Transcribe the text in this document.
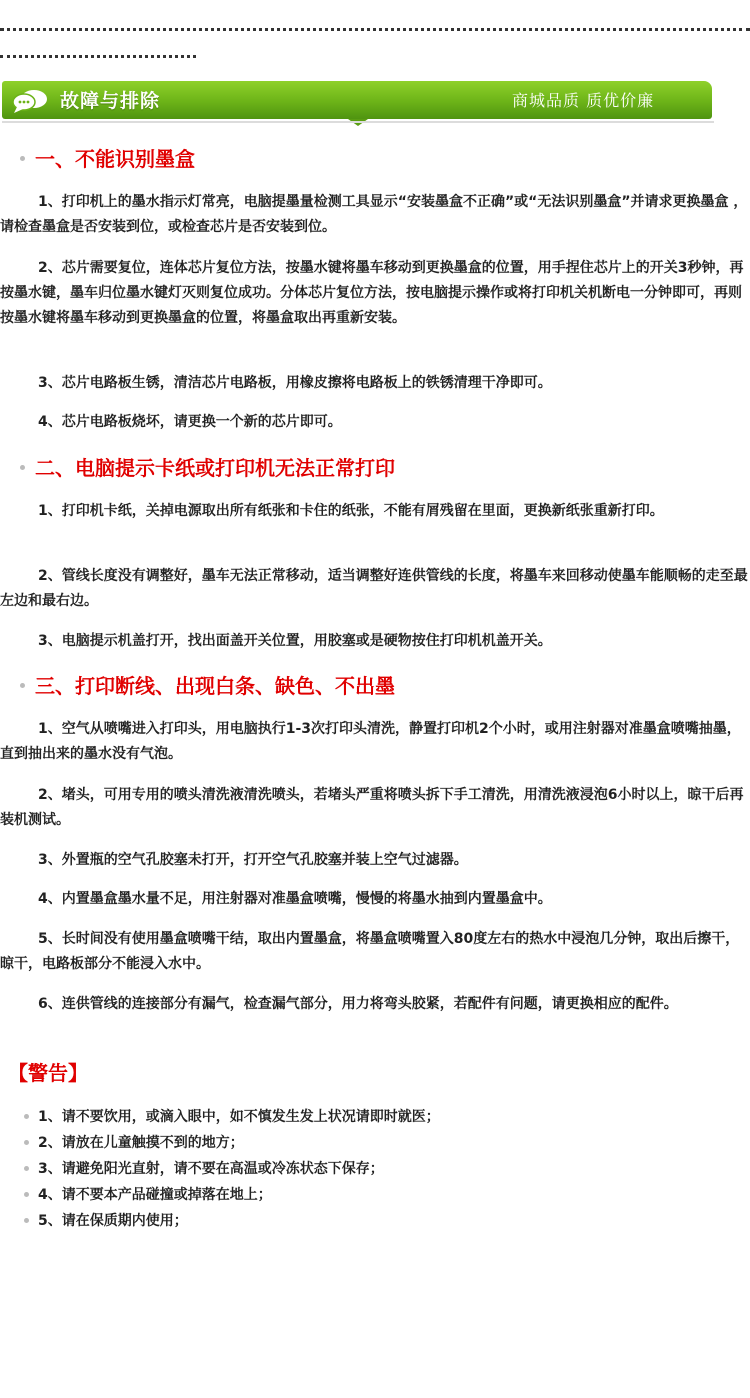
故障与排除	商城品质 质优价廉
一、不能识别墨盒

1、打印机上的墨水指示灯常亮，电脑提墨量检测工具显示“安装墨盒不正确”或“无法识别墨盒”并请求更换墨盒 ，请检查墨盒是否安装到位，或检查芯片是否安装到位。

2、芯片需要复位，连体芯片复位方法，按墨水键将墨车移动到更换墨盒的位置，用手捏住芯片上的开关3秒钟，再按墨水键，墨车归位墨水键灯灭则复位成功。分体芯片复位方法，按电脑提示操作或将打印机关机断电一分钟即可，再则按墨水键将墨车移动到更换墨盒的位置，将墨盒取出再重新安装。

3、芯片电路板生锈，清洁芯片电路板，用橡皮擦将电路板上的铁锈清理干净即可。

4、芯片电路板烧坏，请更换一个新的芯片即可。

二、电脑提示卡纸或打印机无法正常打印

1、打印机卡纸，关掉电源取出所有纸张和卡住的纸张，不能有屑残留在里面，更换新纸张重新打印。

2、管线长度没有调整好，墨车无法正常移动，适当调整好连供管线的长度，将墨车来回移动使墨车能顺畅的走至最左边和最右边。

3、电脑提示机盖打开，找出面盖开关位置，用胶塞或是硬物按住打印机机盖开关。

三、打印断线、出现白条、缺色、不出墨

1、空气从喷嘴进入打印头，用电脑执行1-3次打印头清洗，静置打印机2个小时，或用注射器对准墨盒喷嘴抽墨，直到抽出来的墨水没有气泡。

2、堵头，可用专用的喷头清洗液清洗喷头，若堵头严重将喷头拆下手工清洗，用清洗液浸泡6小时以上，晾干后再装机测试。

3、外置瓶的空气孔胶塞未打开，打开空气孔胶塞并装上空气过滤器。

4、内置墨盒墨水量不足，用注射器对准墨盒喷嘴，慢慢的将墨水抽到内置墨盒中。

5、长时间没有使用墨盒喷嘴干结，取出内置墨盒，将墨盒喷嘴置入80度左右的热水中浸泡几分钟，取出后擦干， 晾干，电路板部分不能浸入水中。

6、连供管线的连接部分有漏气，检查漏气部分，用力将弯头胶紧，若配件有问题，请更换相应的配件。

【警告】
1、请不要饮用，或滴入眼中，如不慎发生发上状况请即时就医；
2、请放在儿童触摸不到的地方；
3、请避免阳光直射，请不要在高温或冷冻状态下保存；
4、请不要本产品碰撞或掉落在地上；
5、请在保质期内使用；
